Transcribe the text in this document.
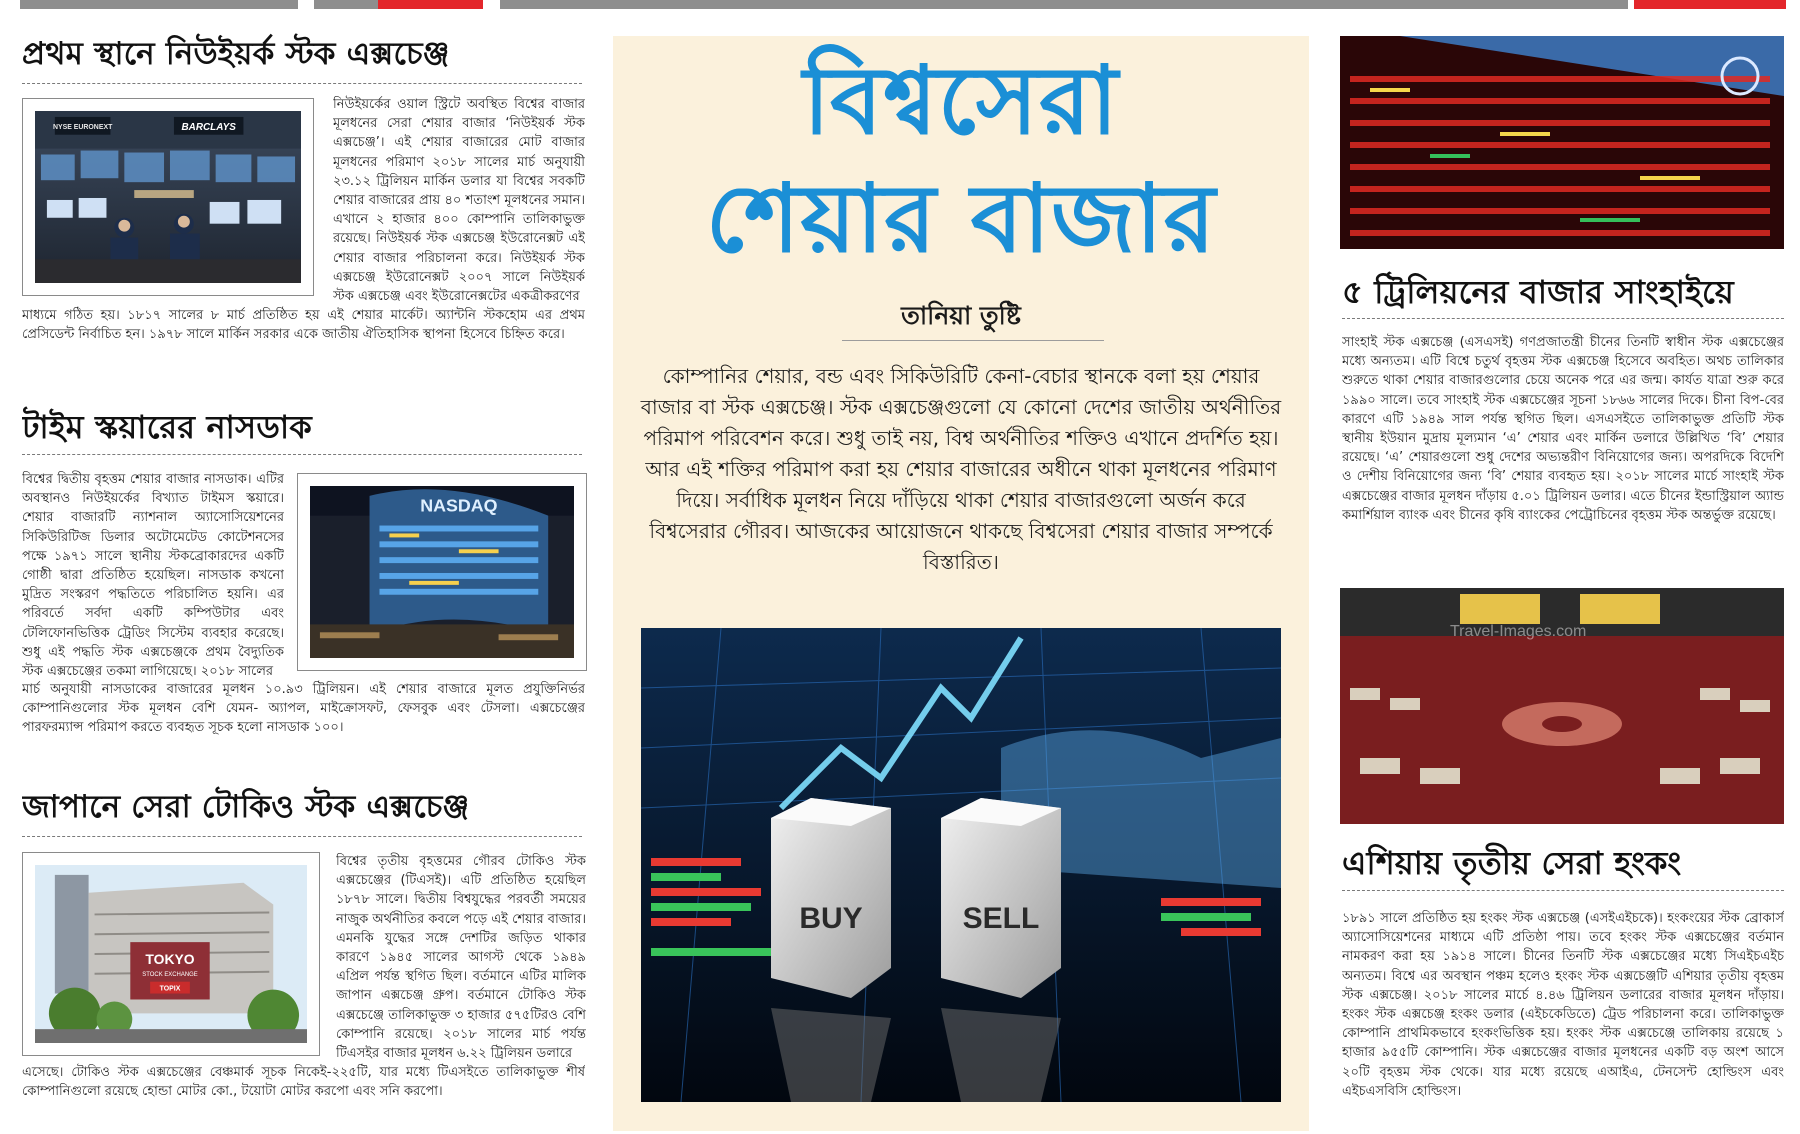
প্রথম স্থানে নিউইয়র্ক স্টক এক্সচেঞ্জ
NYSE EURONEXT	BARCLAYS
নিউইয়র্কের ওয়াল স্ট্রিটে অবস্থিত বিশ্বের বাজার মূলধনের সেরা শেয়ার বাজার ‘নিউইয়র্ক স্টক এক্সচেঞ্জ’। এই শেয়ার বাজারের মোট বাজার মূলধনের পরিমাণ ২০১৮ সালের মার্চ অনুযায়ী ২৩.১২ ট্রিলিয়ন মার্কিন ডলার যা বিশ্বের সবকটি শেয়ার বাজারের প্রায় ৪০ শতাংশ মূলধনের সমান। এখানে ২ হাজার ৪০০ কোম্পানি তালিকাভুক্ত রয়েছে। নিউইয়র্ক স্টক এক্সচেঞ্জ ইউরোনেক্সট এই শেয়ার বাজার পরিচালনা করে। নিউইয়র্ক স্টক এক্সচেঞ্জ ইউরোনেক্সট ২০০৭ সালে নিউইয়র্ক স্টক এক্সচেঞ্জ এবং ইউরোনেক্সটের একত্রীকরণের
মাধ্যমে গঠিত হয়। ১৮১৭ সালের ৮ মার্চ প্রতিষ্ঠিত হয় এই শেয়ার মার্কেট। অ্যান্টনি স্টকহোম এর প্রথম প্রেসিডেন্ট নির্বাচিত হন। ১৯৭৮ সালে মার্কিন সরকার একে জাতীয় ঐতিহাসিক স্থাপনা হিসেবে চিহ্নিত করে।
টাইম স্কয়ারের নাসডাক
বিশ্বের দ্বিতীয় বৃহত্তম শেয়ার বাজার নাসডাক। এটির অবস্থানও নিউইয়র্কের বিখ্যাত টাইমস স্কয়ারে। শেয়ার বাজারটি ন্যাশনাল অ্যাসোসিয়েশনের সিকিউরিটিজ ডিলার অটোমেটেড কোটেশনসের পক্ষে ১৯৭১ সালে স্থানীয় স্টকব্রোকারদের একটি গোষ্ঠী দ্বারা প্রতিষ্ঠিত হয়েছিল। নাসডাক কখনো মুদ্রিত সংস্করণ পদ্ধতিতে পরিচালিত হয়নি। এর পরিবর্তে সর্বদা একটি কম্পিউটার এবং টেলিফোনভিত্তিক ট্রেডিং সিস্টেম ব্যবহার করেছে। শুধু এই পদ্ধতি স্টক এক্সচেঞ্জকে প্রথম বৈদ্যুতিক স্টক এক্সচেঞ্জের তকমা লাগিয়েছে। ২০১৮ সালের
NASDAQ
মার্চ অনুযায়ী নাসডাকের বাজারের মূলধন ১০.৯৩ ট্রিলিয়ন। এই শেয়ার বাজারে মূলত প্রযুক্তিনির্ভর কোম্পানিগুলোর স্টক মূলধন বেশি যেমন- অ্যাপল, মাইক্রোসফট, ফেসবুক এবং টেসলা। এক্সচেঞ্জের পারফরম্যান্স পরিমাপ করতে ব্যবহৃত সূচক হলো নাসডাক ১০০।
জাপানে সেরা টোকিও স্টক এক্সচেঞ্জ
TOKYO
STOCK EXCHANGE
TOPIX
বিশ্বের তৃতীয় বৃহত্তমের গৌরব টোকিও স্টক এক্সচেঞ্জের (টিএসই)। এটি প্রতিষ্ঠিত হয়েছিল ১৮৭৮ সালে। দ্বিতীয় বিশ্বযুদ্ধের পরবর্তী সময়ের নাজুক অর্থনীতির কবলে পড়ে এই শেয়ার বাজার। এমনকি যুদ্ধের সঙ্গে দেশটির জড়িত থাকার কারণে ১৯৪৫ সালের আগস্ট থেকে ১৯৪৯ এপ্রিল পর্যন্ত স্থগিত ছিল। বর্তমানে এটির মালিক জাপান এক্সচেঞ্জ গ্রুপ। বর্তমানে টোকিও স্টক এক্সচেঞ্জে তালিকাভুক্ত ৩ হাজার ৫৭৫টিরও বেশি কোম্পানি রয়েছে। ২০১৮ সালের মার্চ পর্যন্ত টিএসইর বাজার মূলধন ৬.২২ ট্রিলিয়ন ডলারে
এসেছে। টোকিও স্টক এক্সচেঞ্জের বেঞ্চমার্ক সূচক নিকেই-২২৫টি, যার মধ্যে টিএসইতে তালিকাভুক্ত শীর্ষ কোম্পানিগুলো রয়েছে হোন্ডা মোটর কো., টয়োটা মোটর করপো এবং সনি করপো।
বিশ্বসেরা
শেয়ার বাজার
তানিয়া তুষ্টি
কোম্পানির শেয়ার, বন্ড এবং সিকিউরিটি কেনা-বেচার স্থানকে বলা হয় শেয়ার বাজার বা স্টক এক্সচেঞ্জ। স্টক এক্সচেঞ্জগুলো যে কোনো দেশের জাতীয় অর্থনীতির পরিমাপ পরিবেশন করে। শুধু তাই নয়, বিশ্ব অর্থনীতির শক্তিও এখানে প্রদর্শিত হয়। আর এই শক্তির পরিমাপ করা হয় শেয়ার বাজারের অধীনে থাকা মূলধনের পরিমাণ দিয়ে। সর্বাধিক মূলধন নিয়ে দাঁড়িয়ে থাকা শেয়ার বাজারগুলো অর্জন করে বিশ্বসেরার গৌরব। আজকের আয়োজনে থাকছে বিশ্বসেরা শেয়ার বাজার সম্পর্কে বিস্তারিত।
BUY	SELL
৫ ট্রিলিয়নের বাজার সাংহাইয়ে
সাংহাই স্টক এক্সচেঞ্জ (এসএসই) গণপ্রজাতন্ত্রী চীনের তিনটি স্বাধীন স্টক এক্সচেঞ্জের মধ্যে অন্যতম। এটি বিশ্বে চতুর্থ বৃহত্তম স্টক এক্সচেঞ্জ হিসেবে অবহিত। অথচ তালিকার শুরুতে থাকা শেয়ার বাজারগুলোর চেয়ে অনেক পরে এর জন্ম। কার্যত যাত্রা শুরু করে ১৯৯০ সালে। তবে সাংহাই স্টক এক্সচেঞ্জের সূচনা ১৮৬৬ সালের দিকে। চীনা বিপ-বের কারণে এটি ১৯৪৯ সাল পর্যন্ত স্থগিত ছিল। এসএসইতে তালিকাভুক্ত প্রতিটি স্টক স্থানীয় ইউয়ান মুদ্রায় মূল্যমান ‘এ’ শেয়ার এবং মার্কিন ডলারে উল্লিখিত ‘বি’ শেয়ার রয়েছে। ‘এ’ শেয়ারগুলো শুধু দেশের অভ্যন্তরীণ বিনিয়োগের জন্য। অপরদিকে বিদেশি ও দেশীয় বিনিয়োগের জন্য ‘বি’ শেয়ার ব্যবহৃত হয়। ২০১৮ সালের মার্চে সাংহাই স্টক এক্সচেঞ্জের বাজার মূলধন দাঁড়ায় ৫.০১ ট্রিলিয়ন ডলার। এতে চীনের ইন্ডাস্ট্রিয়াল অ্যান্ড কমার্শিয়াল ব্যাংক এবং চীনের কৃষি ব্যাংকের পেট্রোচিনের বৃহত্তম স্টক অন্তর্ভুক্ত রয়েছে।
Travel-Images.com
এশিয়ায় তৃতীয় সেরা হংকং
১৮৯১ সালে প্রতিষ্ঠিত হয় হংকং স্টক এক্সচেঞ্জ (এসইএইচকে)। হংকংয়ের স্টক ব্রোকার্স অ্যাসোসিয়েশনের মাধ্যমে এটি প্রতিষ্ঠা পায়। তবে হংকং স্টক এক্সচেঞ্জের বর্তমান নামকরণ করা হয় ১৯১৪ সালে। চীনের তিনটি স্টক এক্সচেঞ্জের মধ্যে সিএইচএইচ অন্যতম। বিশ্বে এর অবস্থান পঞ্চম হলেও হংকং স্টক এক্সচেঞ্জটি এশিয়ার তৃতীয় বৃহত্তম স্টক এক্সচেঞ্জ। ২০১৮ সালের মার্চে ৪.৪৬ ট্রিলিয়ন ডলারের বাজার মূলধন দাঁড়ায়। হংকং স্টক এক্সচেঞ্জ হংকং ডলার (এইচকেডিতে) ট্রেড পরিচালনা করে। তালিকাভুক্ত কোম্পানি প্রাথমিকভাবে হংকংভিত্তিক হয়। হংকং স্টক এক্সচেঞ্জে তালিকায় রয়েছে ১ হাজার ৯৫৫টি কোম্পানি। স্টক এক্সচেঞ্জের বাজার মূলধনের একটি বড় অংশ আসে ২০টি বৃহত্তম স্টক থেকে। যার মধ্যে রয়েছে এআইএ, টেনসেন্ট হোল্ডিংস এবং এইচএসবিসি হোল্ডিংস।
